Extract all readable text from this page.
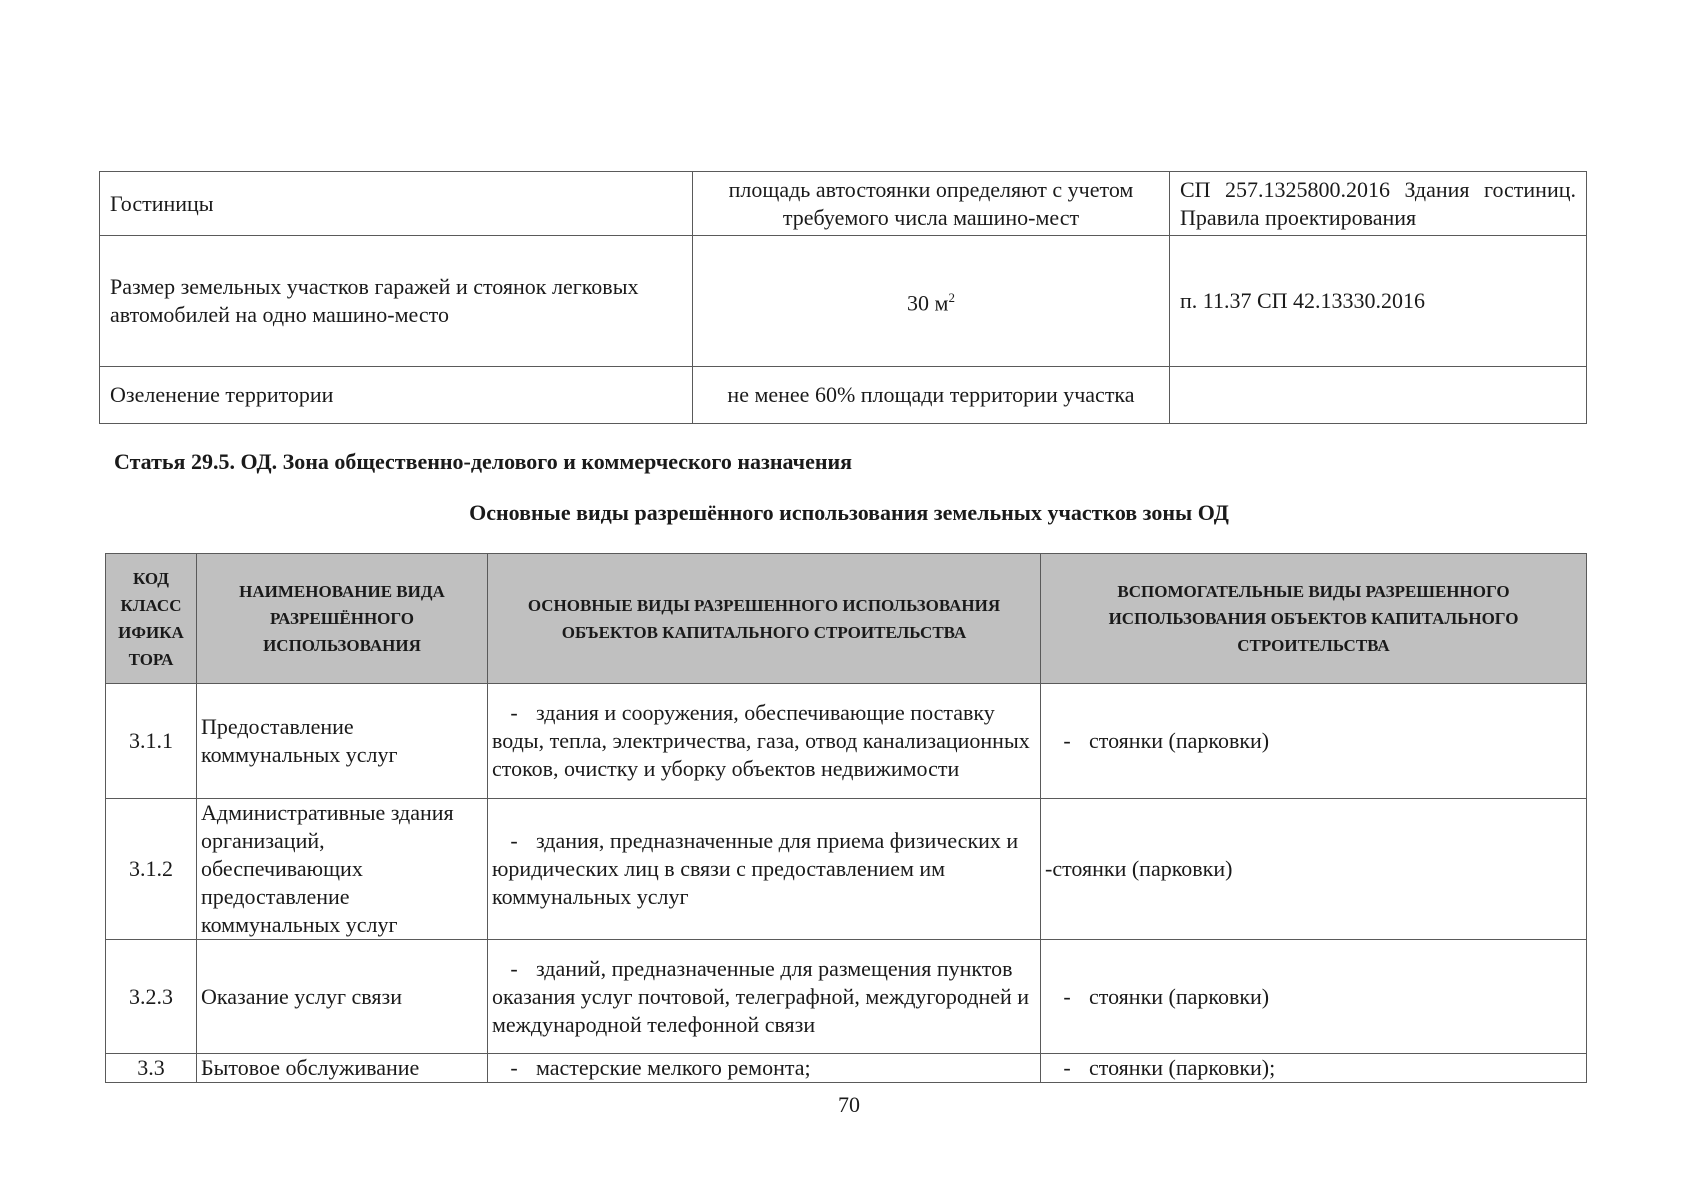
Гостиницы	площадь автостоянки определяют с учетом требуемого числа машино-мест	СП 257.1325800.2016 Здания гостиниц.
Правила проектирования
Размер земельных участков гаражей и стоянок легковых автомобилей на одно машино-место	30 $м^2$	п. 11.37 СП 42.13330.2016
Озеленение территории	не менее 60% площади территории участка	
Статья 29.5. ОД. Зона общественно-делового и коммерческого назначения
Основные виды разрешённого использования земельных участков зоны ОД
КОД КЛАСС ИФИКА ТОРА	НАИМЕНОВАНИЕ ВИДА РАЗРЕШЁННОГО ИСПОЛЬЗОВАНИЯ	ОСНОВНЫЕ ВИДЫ РАЗРЕШЕННОГО ИСПОЛЬЗОВАНИЯ ОБЪЕКТОВ КАПИТАЛЬНОГО СТРОИТЕЛЬСТВА	ВСПОМОГАТЕЛЬНЫЕ ВИДЫ РАЗРЕШЕННОГО ИСПОЛЬЗОВАНИЯ ОБЪЕКТОВ КАПИТАЛЬНОГО СТРОИТЕЛЬСТВА
3.1.1	Предоставление коммунальных услуг	- здания и сооружения, обеспечивающие поставку воды, тепла, электричества, газа, отвод канализационных стоков, очистку и уборку объектов недвижимости	- стоянки (парковки)
3.1.2	Административные здания организаций, обеспечивающих предоставление коммунальных услуг	- здания, предназначенные для приема физических и юридических лиц в связи с предоставлением им коммунальных услуг	-стоянки (парковки)
3.2.3	Оказание услуг связи	- зданий, предназначенные для размещения пунктов оказания услуг почтовой, телеграфной, междугородней и международной телефонной связи	- стоянки (парковки)
3.3	Бытовое обслуживание	- мастерские мелкого ремонта;	- стоянки (парковки);
70
